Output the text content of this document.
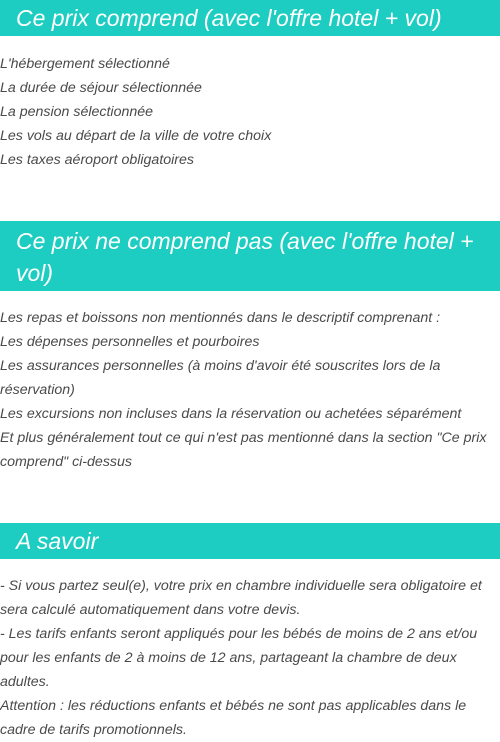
Ce prix comprend (avec l'offre hotel + vol)
L'hébergement sélectionné
La durée de séjour sélectionnée
La pension sélectionnée
Les vols au départ de la ville de votre choix
Les taxes aéroport obligatoires
Ce prix ne comprend pas (avec l'offre hotel + vol)
Les repas et boissons non mentionnés dans le descriptif comprenant :
Les dépenses personnelles et pourboires
Les assurances personnelles (à moins d'avoir été souscrites lors de la réservation)
Les excursions non incluses dans la réservation ou achetées séparément
Et plus généralement tout ce qui n'est pas mentionné dans la section "Ce prix comprend" ci-dessus
A savoir
- Si vous partez seul(e), votre prix en chambre individuelle sera obligatoire et sera calculé automatiquement dans votre devis.
- Les tarifs enfants seront appliqués pour les bébés de moins de 2 ans et/ou pour les enfants de 2 à moins de 12 ans, partageant la chambre de deux adultes.
Attention : les réductions enfants et bébés ne sont pas applicables dans le cadre de tarifs promotionnels.
